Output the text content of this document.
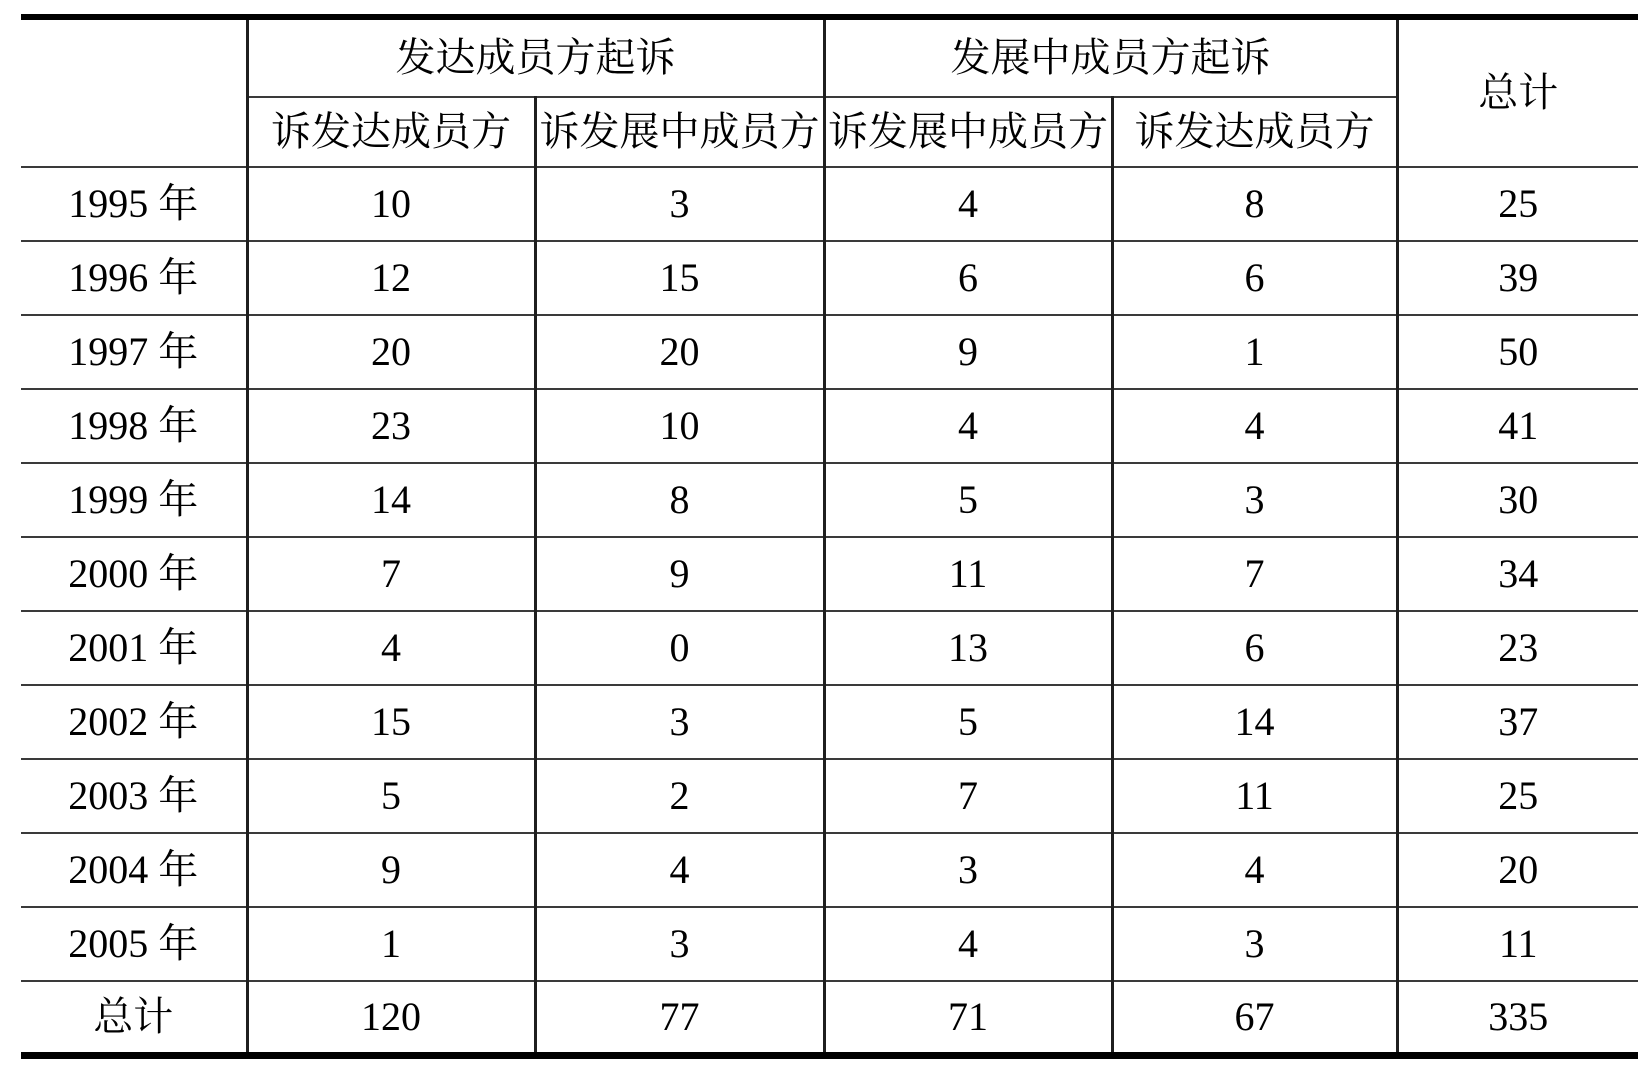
	发达成员方起诉		发展中成员方起诉		总计
	诉发达成员方	诉发展中成员方	诉发展中成员方	诉发达成员方	
1995 年	10	3	4	8	25
1996 年	12	15	6	6	39
1997 年	20	20	9	1	50
1998 年	23	10	4	4	41
1999 年	14	8	5	3	30
2000 年	7	9	11	7	34
2001 年	4	0	13	6	23
2002 年	15	3	5	14	37
2003 年	5	2	7	11	25
2004 年	9	4	3	4	20
2005 年	1	3	4	3	11
总计	120	77	71	67	335
